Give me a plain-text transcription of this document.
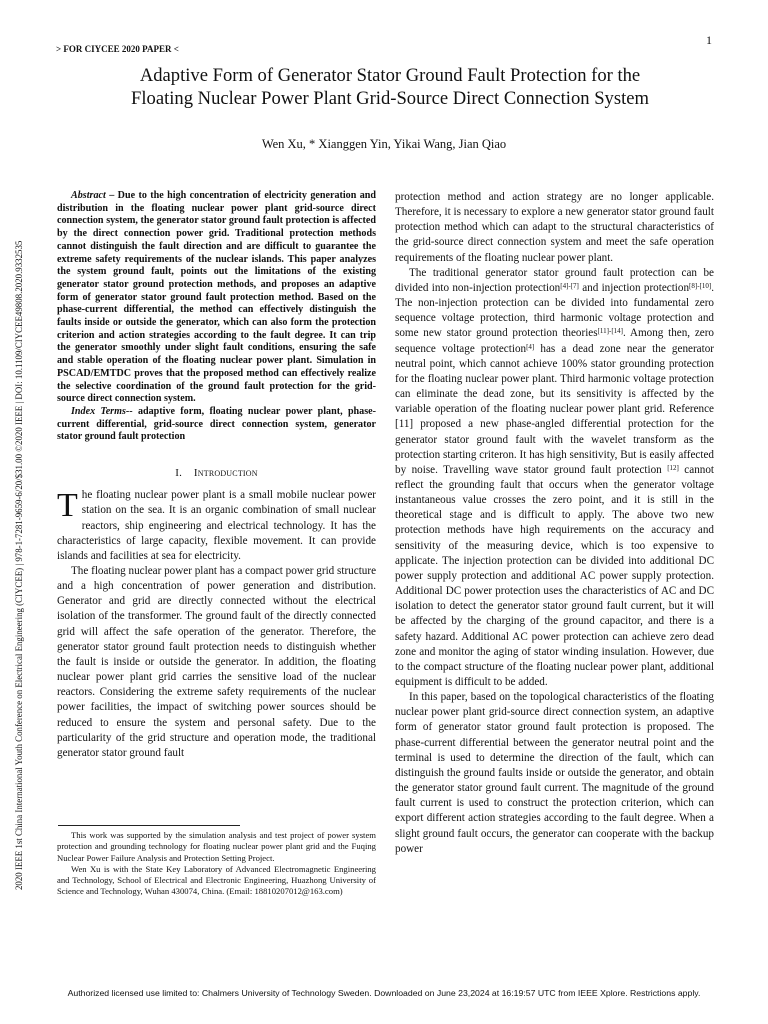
1
> FOR CIYCEE 2020 PAPER <
Adaptive Form of Generator Stator Ground Fault Protection for the
Floating Nuclear Power Plant Grid-Source Direct Connection System
Wen Xu, * Xianggen Yin, Yikai Wang, Jian Qiao
2020 IEEE 1st China International Youth Conference on Electrical Engineering (CIYCEE) | 978-1-7281-9659-6/20/$31.00 ©2020 IEEE | DOI: 10.1109/CIYCEE49808.2020.9332535

Abstract – Due to the high concentration of electricity generation and distribution in the floating nuclear power plant grid-source direct connection system, the generator stator ground fault protection is affected by the direct connection power grid. Traditional protection methods cannot distinguish the fault direction and are difficult to guarantee the extreme safety requirements of the nuclear islands. This paper analyzes the system ground fault, points out the limitations of the existing generator stator ground protection methods, and proposes an adaptive form of generator stator ground fault protection method. Based on the phase-current differential, the method can effectively distinguish the faults inside or outside the generator, which can also form the protection criterion and action strategies according to the fault degree. It can trip the generator smoothly under slight fault conditions, ensuring the safe and stable operation of the floating nuclear power plant. Simulation in PSCAD/EMTDC proves that the proposed method can effectively realize the selective coordination of the ground fault protection for the grid-source direct connection system.

Index Terms-- adaptive form, floating nuclear power plant, phase-current differential, grid-source direct connection system, generator stator ground fault protection

I. Introduction

The floating nuclear power plant is a small mobile nuclear power station on the sea. It is an organic combination of small nuclear reactors, ship engineering and electrical technology. It has the characteristics of large capacity, flexible movement. It can provide islands and facilities at sea for electricity.

The floating nuclear power plant has a compact power grid structure and a high concentration of power generation and distribution. Generator and grid are directly connected without the electrical isolation of the transformer. The ground fault of the directly connected grid will affect the safe operation of the generator. Therefore, the generator stator ground fault protection needs to distinguish whether the fault is inside or outside the generator. In addition, the floating nuclear power plant grid carries the sensitive load of the nuclear reactors. Considering the extreme safety requirements of the nuclear power facilities, the impact of switching power sources should be reduced to ensure the system and personal safety. Due to the particularity of the grid structure and operation mode, the traditional generator stator ground fault

This work was supported by the simulation analysis and test project of power system protection and grounding technology for floating nuclear power plant grid and the Fuqing Nuclear Power Failure Analysis and Protection Setting Project.

Wen Xu is with the State Key Laboratory of Advanced Electromagnetic Engineering and Technology, School of Electrical and Electronic Engineering, Huazhong University of Science and Technology, Wuhan 430074, China. (Email: 18810207012@163.com)

protection method and action strategy are no longer applicable. Therefore, it is necessary to explore a new generator stator ground fault protection method which can adapt to the structural characteristics of the grid-source direct connection system and meet the safe operation requirements of the floating nuclear power plant.

The traditional generator stator ground fault protection can be divided into non-injection protection[4]-[7] and injection protection[8]-[10]. The non-injection protection can be divided into fundamental zero sequence voltage protection, third harmonic voltage protection and some new stator ground protection theories[11]-[14]. Among then, zero sequence voltage protection[4] has a dead zone near the generator neutral point, which cannot achieve 100% stator grounding protection for the floating nuclear power plant. Third harmonic voltage protection can eliminate the dead zone, but its sensitivity is affected by the variable operation of the floating nuclear power plant grid. Reference [11] proposed a new phase-angled differential protection for the generator stator ground fault with the wavelet transform as the protection starting criteron. It has high sensitivity, But is easily affected by noise. Travelling wave stator ground fault protection [12] cannot reflect the grounding fault that occurs when the generator voltage instantaneous value crosses the zero point, and it is still in the theoretical stage and is difficult to apply. The above two new protection methods have high requirements on the accuracy and sensitivity of the measuring device, which is too expensive to applicate. The injection protection can be divided into additional DC power supply protection and additional AC power supply protection. Additional DC power protection uses the characteristics of AC and DC isolation to detect the generator stator ground fault current, but it will be affected by the charging of the ground capacitor, and there is a safety hazard. Additional AC power protection can achieve zero dead zone and monitor the aging of stator winding insulation. However, due to the compact structure of the floating nuclear power plant, additional equipment is difficult to be added.

In this paper, based on the topological characteristics of the floating nuclear power plant grid-source direct connection system, an adaptive form of generator stator ground fault protection is proposed. The phase-current differential between the generator neutral point and the terminal is used to determine the direction of the fault, which can distinguish the ground faults inside or outside the generator, and obtain the generator stator ground fault current. The magnitude of the ground fault current is used to construct the protection criterion, which can export different action strategies according to the fault degree. When a slight ground fault occurs, the generator can cooperate with the backup power

Authorized licensed use limited to: Chalmers University of Technology Sweden. Downloaded on June 23,2024 at 16:19:57 UTC from IEEE Xplore. Restrictions apply.
